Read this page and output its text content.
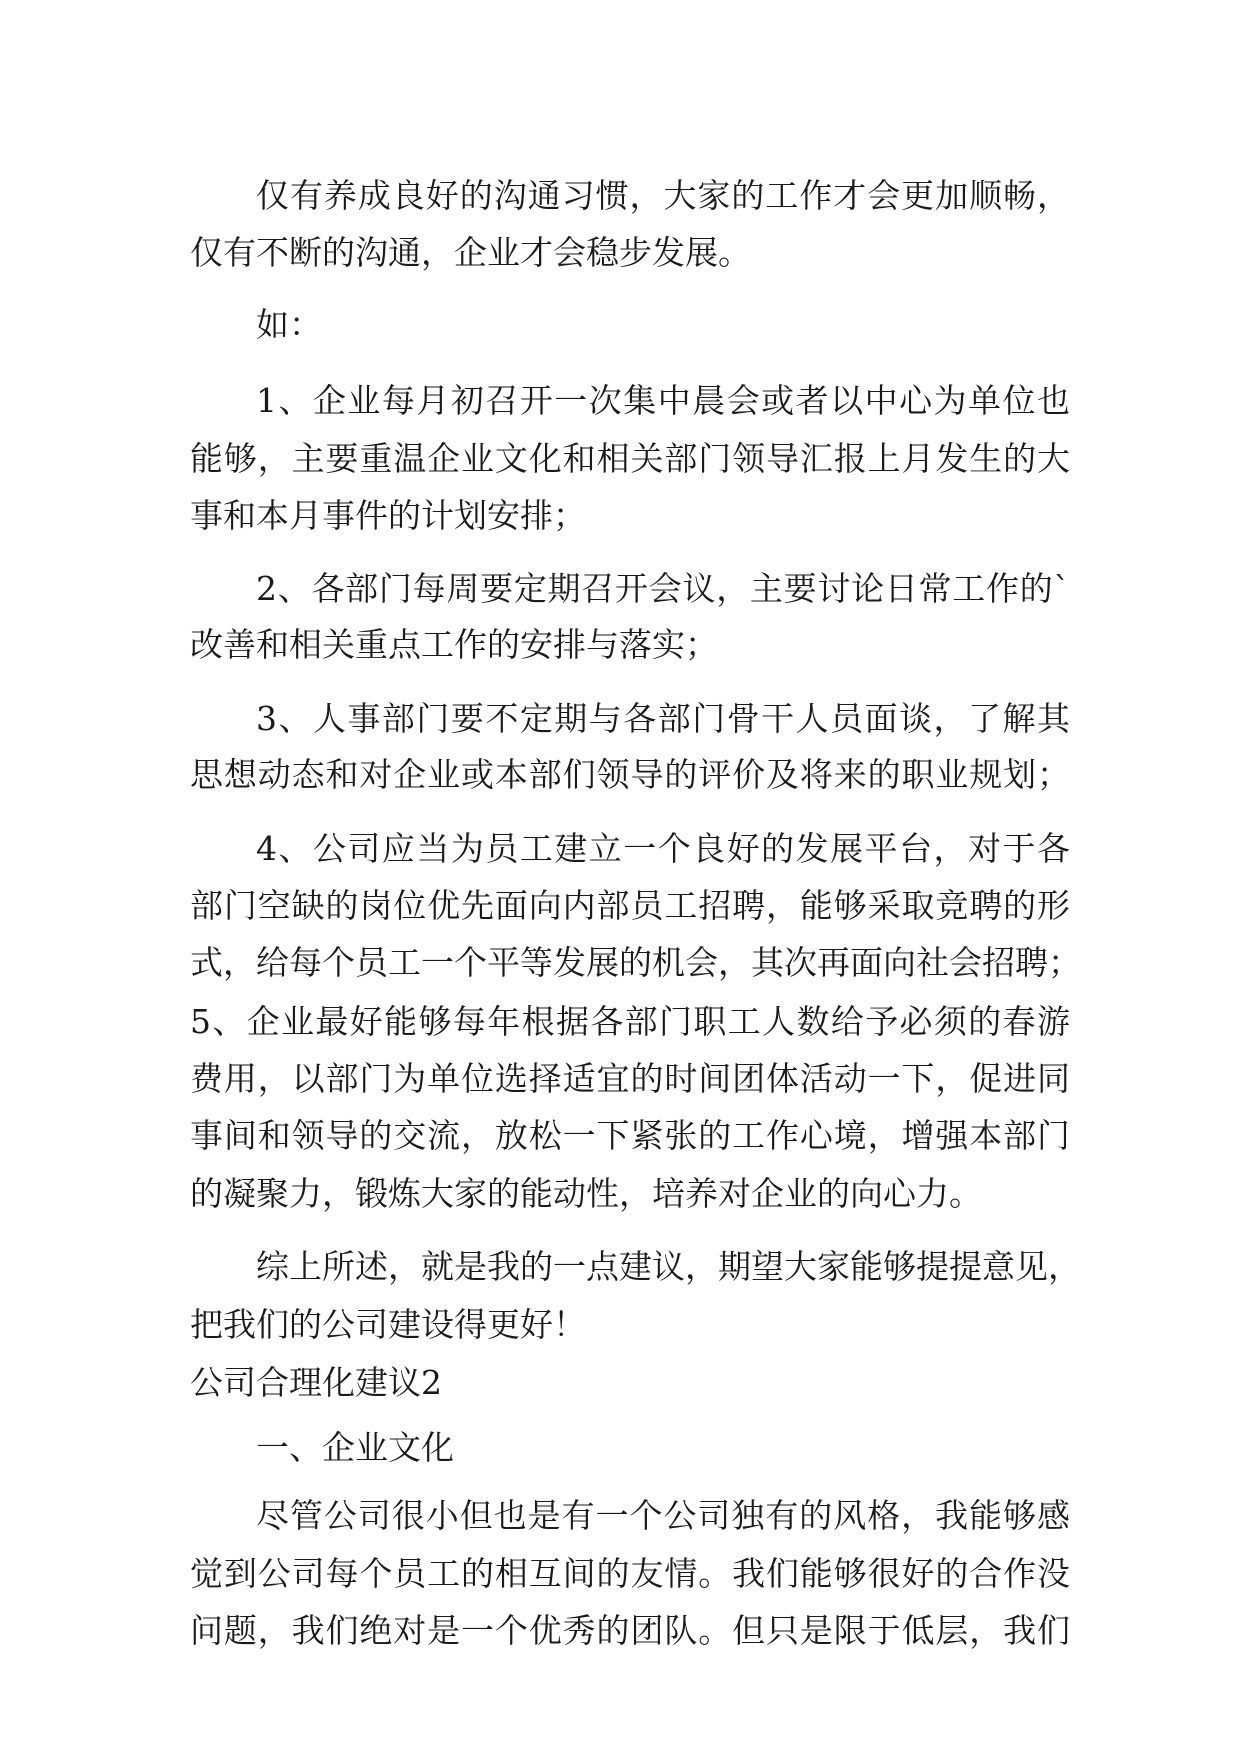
仅有养成良好的沟通习惯，大家的工作才会更加顺畅，
仅有不断的沟通，企业才会稳步发展。
如：
1、企业每月初召开一次集中晨会或者以中心为单位也
能够，主要重温企业文化和相关部门领导汇报上月发生的大
事和本月事件的计划安排；
2、各部门每周要定期召开会议，主要讨论日常工作的`
改善和相关重点工作的安排与落实；
3、人事部门要不定期与各部门骨干人员面谈，了解其
思想动态和对企业或本部们领导的评价及将来的职业规划；
4、公司应当为员工建立一个良好的发展平台，对于各
部门空缺的岗位优先面向内部员工招聘，能够采取竞聘的形
式，给每个员工一个平等发展的机会，其次再面向社会招聘；
5、企业最好能够每年根据各部门职工人数给予必须的春游
费用，以部门为单位选择适宜的时间团体活动一下，促进同
事间和领导的交流，放松一下紧张的工作心境，增强本部门
的凝聚力，锻炼大家的能动性，培养对企业的向心力。
综上所述，就是我的一点建议，期望大家能够提提意见，
把我们的公司建设得更好！
公司合理化建议2
一、企业文化
尽管公司很小但也是有一个公司独有的风格，我能够感
觉到公司每个员工的相互间的友情。我们能够很好的合作没
问题，我们绝对是一个优秀的团队。但只是限于低层，我们
